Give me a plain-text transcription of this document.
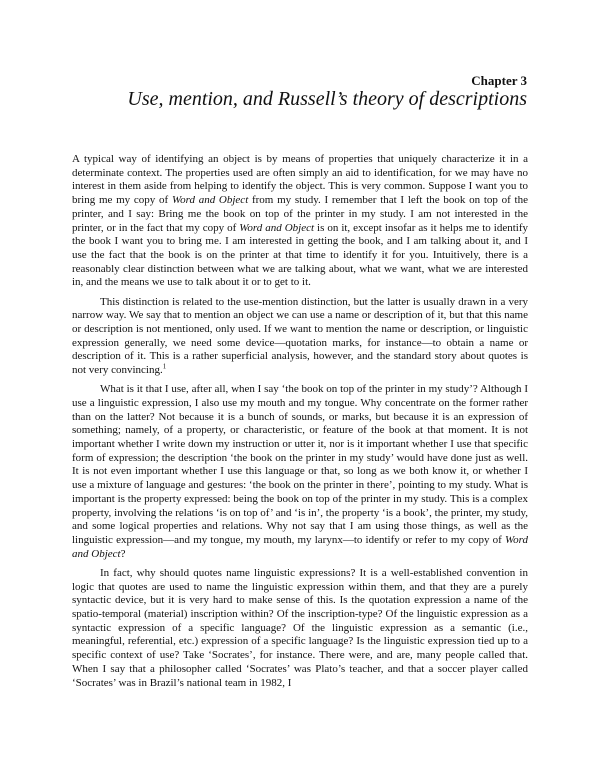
Chapter 3
Use, mention, and Russell’s theory of descriptions

A typical way of identifying an object is by means of properties that uniquely characterize it in a determinate context. The properties used are often simply an aid to identification, for we may have no interest in them aside from helping to identify the object. This is very common. Suppose I want you to bring me my copy of Word and Object from my study. I remember that I left the book on top of the printer, and I say: Bring me the book on top of the printer in my study. I am not interested in the printer, or in the fact that my copy of Word and Object is on it, except insofar as it helps me to identify the book I want you to bring me. I am interested in getting the book, and I am talking about it, and I use the fact that the book is on the printer at that time to identify it for you. Intuitively, there is a reasonably clear distinction between what we are talking about, what we want, what we are interested in, and the means we use to talk about it or to get to it.

This distinction is related to the use-mention distinction, but the latter is usually drawn in a very narrow way. We say that to mention an object we can use a name or description of it, but that this name or description is not mentioned, only used. If we want to mention the name or description, or linguistic expression generally, we need some device—quotation marks, for instance—to obtain a name or description of it. This is a rather superficial analysis, however, and the standard story about quotes is not very convincing.$^1$

What is it that I use, after all, when I say ‘the book on top of the printer in my study’? Although I use a linguistic expression, I also use my mouth and my tongue. Why concentrate on the former rather than on the latter? Not because it is a bunch of sounds, or marks, but because it is an expression of something; namely, of a property, or characteristic, or feature of the book at that moment. It is not important whether I write down my instruction or utter it, nor is it important whether I use that specific form of expression; the description ‘the book on the printer in my study’ would have done just as well. It is not even important whether I use this language or that, so long as we both know it, or whether I use a mixture of language and gestures: ‘the book on the printer in there’, pointing to my study. What is important is the property expressed: being the book on top of the printer in my study. This is a complex property, involving the relations ‘is on top of’ and ‘is in’, the property ‘is a book’, the printer, my study, and some logical properties and relations. Why not say that I am using those things, as well as the linguistic expression—and my tongue, my mouth, my larynx—to identify or refer to my copy of Word and Object?

In fact, why should quotes name linguistic expressions? It is a well-established convention in logic that quotes are used to name the linguistic expression within them, and that they are a purely syntactic device, but it is very hard to make sense of this. Is the quotation expression a name of the spatio-temporal (material) inscription within? Of the inscription-type? Of the linguistic expression as a syntactic expression of a specific language? Of the linguistic expression as a semantic (i.e., meaningful, referential, etc.) expression of a specific language? Is the linguistic expression tied up to a specific context of use? Take ‘Socrates’, for instance. There were, and are, many people called that. When I say that a philosopher called ‘Socrates’ was Plato’s teacher, and that a soccer player called ‘Socrates’ was in Brazil’s national team in 1982, I
